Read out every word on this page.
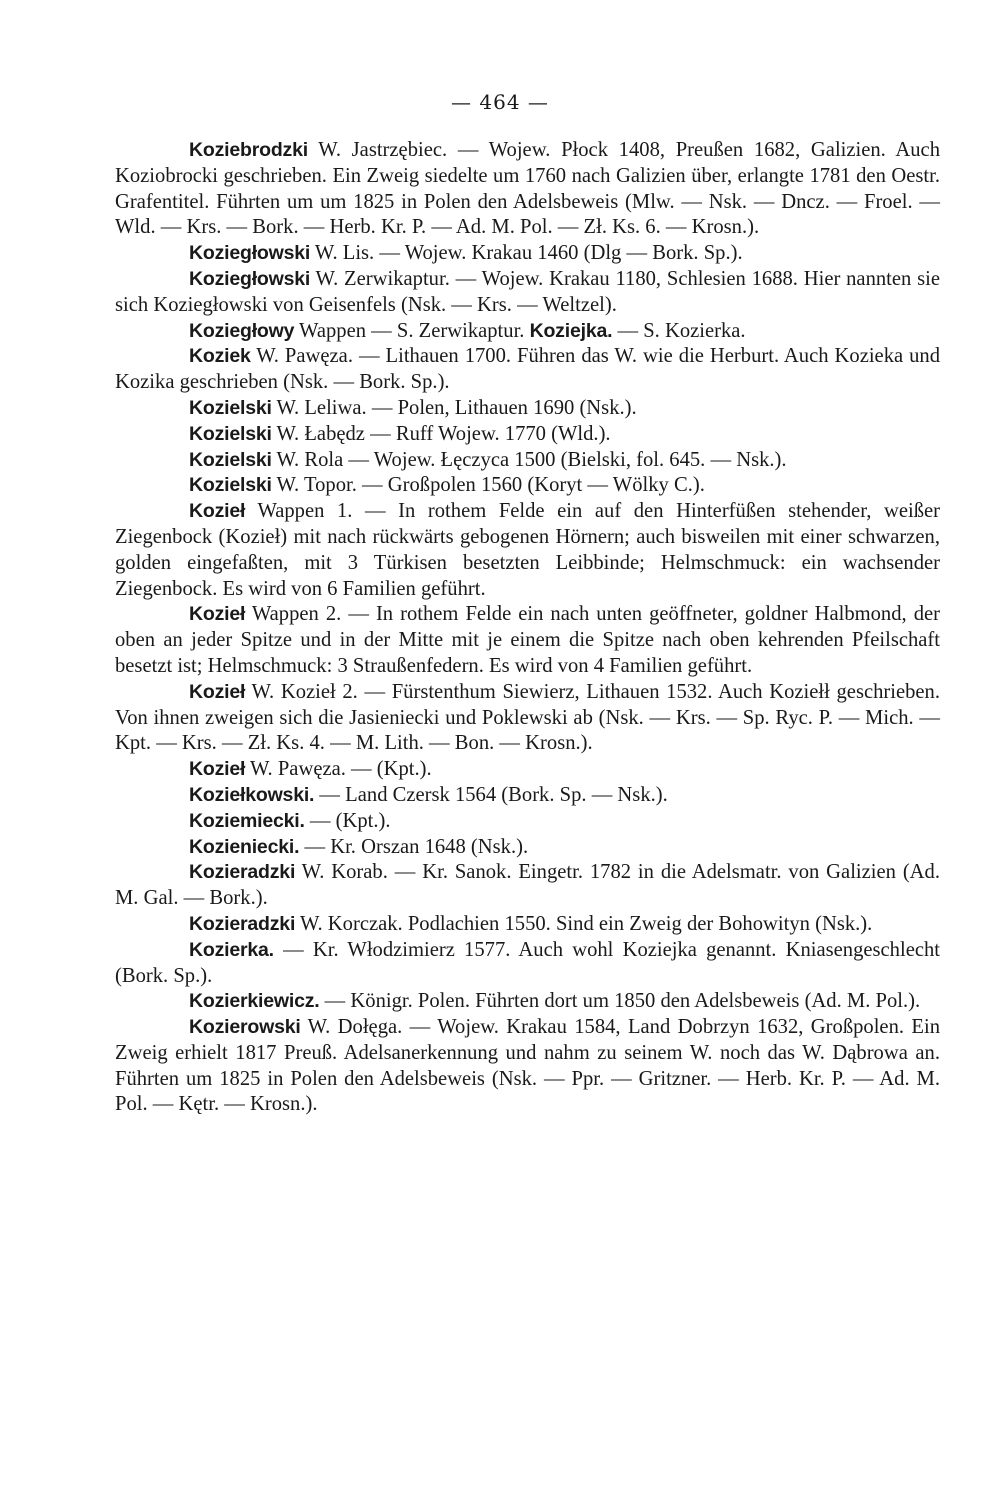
— 464 —

Koziebrodzki W. Jastrzębiec. — Wojew. Płock 1408, Preußen 1682, Galizien. Auch Koziobrocki geschrieben. Ein Zweig siedelte um 1760 nach Galizien über, erlangte 1781 den Oestr. Grafentitel. Führten um um 1825 in Polen den Adelsbeweis (Mlw. — Nsk. — Dncz. — Froel. — Wld. — Krs. — Bork. — Herb. Kr. P. — Ad. M. Pol. — Zł. Ks. 6. — Krosn.).

Koziegłowski W. Lis. — Wojew. Krakau 1460 (Dlg — Bork. Sp.).

Koziegłowski W. Zerwikaptur. — Wojew. Krakau 1180, Schlesien 1688. Hier nannten sie sich Koziegłowski von Geisenfels (Nsk. — Krs. — Weltzel).

Koziegłowy Wappen — S. Zerwikaptur. Koziejka. — S. Kozierka.

Koziek W. Pawęza. — Lithauen 1700. Führen das W. wie die Herburt. Auch Kozieka und Kozika geschrieben (Nsk. — Bork. Sp.).

Kozielski W. Leliwa. — Polen, Lithauen 1690 (Nsk.).

Kozielski W. Łabędz — Ruff Wojew. 1770 (Wld.).

Kozielski W. Rola — Wojew. Łęczyca 1500 (Bielski, fol. 645. — Nsk.).

Kozielski W. Topor. — Großpolen 1560 (Koryt — Wölky C.).

Kozieł Wappen 1. — In rothem Felde ein auf den Hinterfüßen stehender, weißer Ziegenbock (Kozieł) mit nach rückwärts gebogenen Hörnern; auch bisweilen mit einer schwarzen, golden eingefaßten, mit 3 Türkisen besetzten Leibbinde; Helmschmuck: ein wachsender Ziegenbock. Es wird von 6 Familien geführt.

Kozieł Wappen 2. — In rothem Felde ein nach unten geöffneter, goldner Halbmond, der oben an jeder Spitze und in der Mitte mit je einem die Spitze nach oben kehrenden Pfeilschaft besetzt ist; Helmschmuck: 3 Straußenfedern. Es wird von 4 Familien geführt.

Kozieł W. Kozieł 2. — Fürstenthum Siewierz, Lithauen 1532. Auch Koziełł geschrieben. Von ihnen zweigen sich die Jasieniecki und Poklewski ab (Nsk. — Krs. — Sp. Ryc. P. — Mich. — Kpt. — Krs. — Zł. Ks. 4. — M. Lith. — Bon. — Krosn.).

Kozieł W. Pawęza. — (Kpt.).

Koziełkowski. — Land Czersk 1564 (Bork. Sp. — Nsk.).

Koziemiecki. — (Kpt.).

Kozieniecki. — Kr. Orszan 1648 (Nsk.).

Kozieradzki W. Korab. — Kr. Sanok. Eingetr. 1782 in die Adelsmatr. von Galizien (Ad. M. Gal. — Bork.).

Kozieradzki W. Korczak. Podlachien 1550. Sind ein Zweig der Bohowityn (Nsk.).

Kozierka. — Kr. Włodzimierz 1577. Auch wohl Koziejka genannt. Kniasengeschlecht (Bork. Sp.).

Kozierkiewicz. — Königr. Polen. Führten dort um 1850 den Adelsbeweis (Ad. M. Pol.).

Kozierowski W. Dołęga. — Wojew. Krakau 1584, Land Dobrzyn 1632, Großpolen. Ein Zweig erhielt 1817 Preuß. Adelsanerkennung und nahm zu seinem W. noch das W. Dąbrowa an. Führten um 1825 in Polen den Adelsbeweis (Nsk. — Ppr. — Gritzner. — Herb. Kr. P. — Ad. M. Pol. — Kętr. — Krosn.).
